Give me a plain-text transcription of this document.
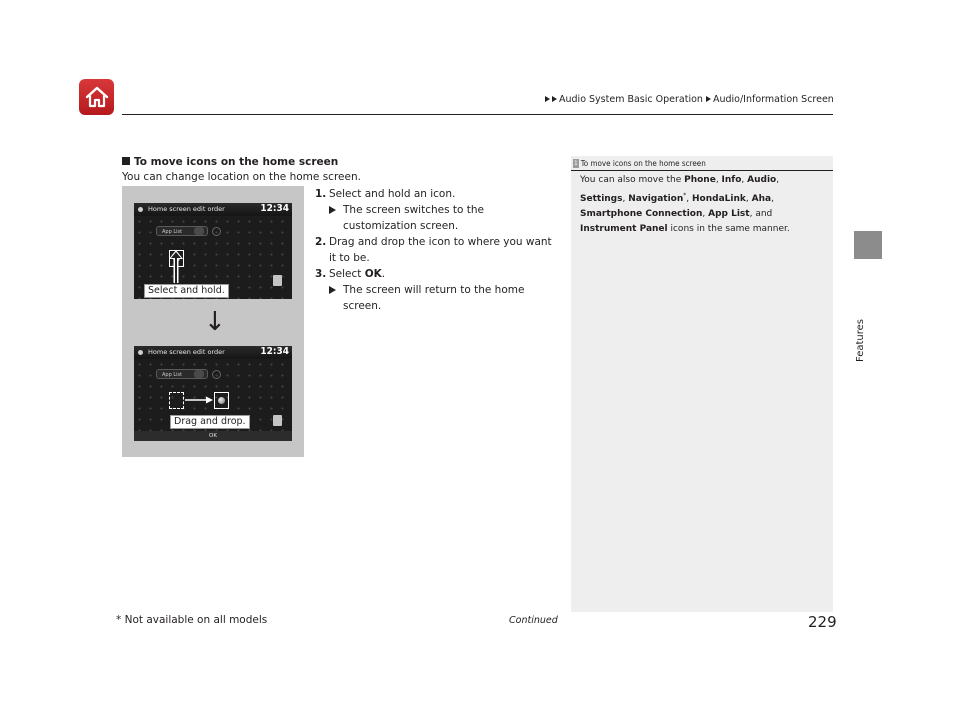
Audio System Basic Operation Audio/Information Screen
Features
To move icons on the home screen
You can change location on the home screen.
1. Select and hold an icon.
The screen switches to the customization screen.
2. Drag and drop the icon to where you want it to be.
3. Select OK.
The screen will return to the home screen.
Home screen edit order	12:34
App List
Select and hold.
Home screen edit order	12:34
App List
OK
Drag and drop.
↓
1 To move icons on the home screen
You can also move the Phone, Info, Audio,
Settings, Navigation*, HondaLink, Aha,
Smartphone Connection, App List, and
Instrument Panel icons in the same manner.
* Not available on all models	Continued	229
